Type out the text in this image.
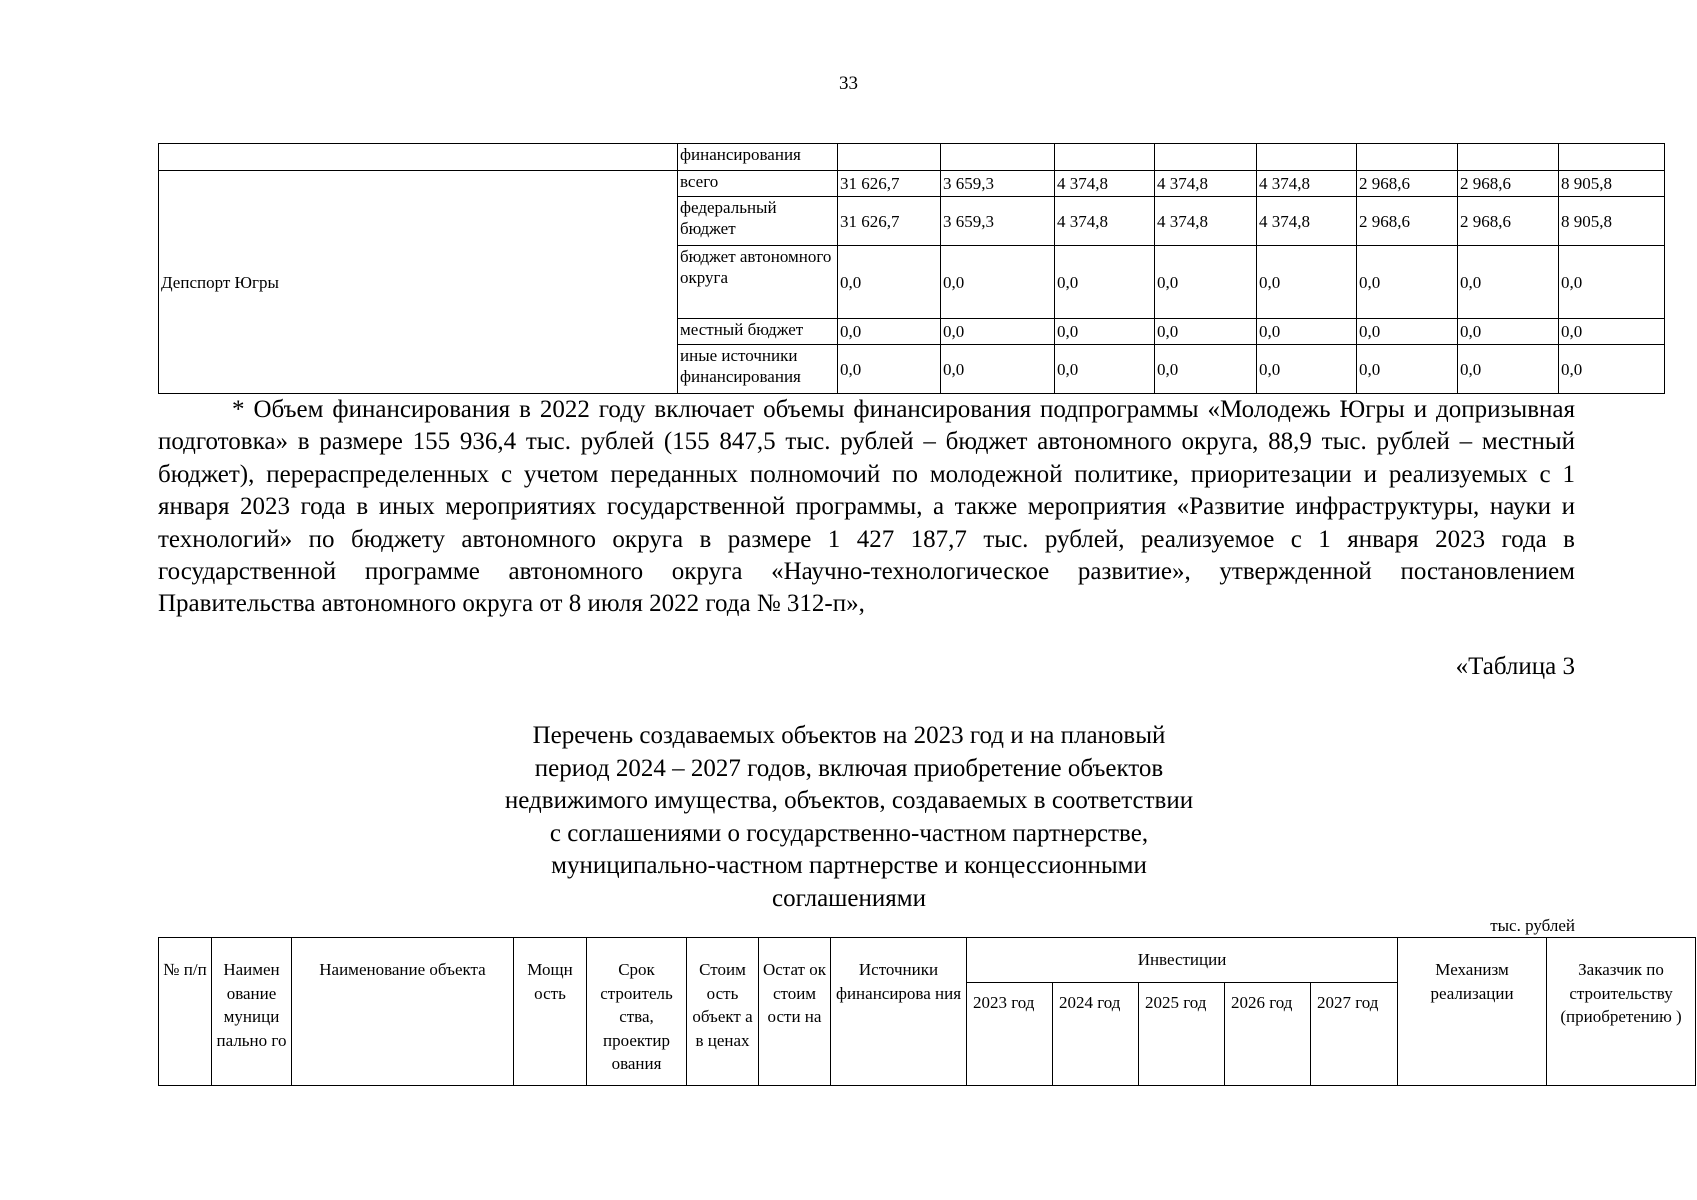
33
	финансирования								
Депспорт Югры	всего	31 626,7	3 659,3	4 374,8	4 374,8	4 374,8	2 968,6	2 968,6	8 905,8
	федеральный бюджет	31 626,7	3 659,3	4 374,8	4 374,8	4 374,8	2 968,6	2 968,6	8 905,8
	бюджет автономного округа	0,0	0,0	0,0	0,0	0,0	0,0	0,0	0,0
	местный бюджет	0,0	0,0	0,0	0,0	0,0	0,0	0,0	0,0
	иные источники финансирования	0,0	0,0	0,0	0,0	0,0	0,0	0,0	0,0

* Объем финансирования в 2022 году включает объемы финансирования подпрограммы «Молодежь Югры и допризывная подготовка» в размере 155 936,4 тыс. рублей (155 847,5 тыс. рублей – бюджет автономного округа, 88,9 тыс. рублей – местный бюджет), перераспределенных с учетом переданных полномочий по молодежной политике, приоритезации и реализуемых с 1 января 2023 года в иных мероприятиях государственной программы, а также мероприятия «Развитие инфраструктуры, науки и технологий» по бюджету автономного округа в размере 1 427 187,7 тыс. рублей, реализуемое с 1 января 2023 года в государственной программе автономного округа «Научно-технологическое развитие», утвержденной постановлением Правительства автономного округа от 8 июля 2022 года № 312-п»,

«Таблица 3
Перечень создаваемых объектов на 2023 год и на плановый
период 2024 – 2027 годов, включая приобретение объектов
недвижимого имущества, объектов, создаваемых в соответствии
с соглашениями о государственно-частном партнерстве,
муниципально-частном партнерстве и концессионными
соглашениями
тыс. рублей
№ п/п	Наимен ование муници пально го	Наименование объекта	Мощн ость	Срок строитель ства, проектир ования	Стоим ость объект а в ценах	Остат ок стоим ости на	Источники финансирова ния	Инвестиции					Механизм реализации	Заказчик по строительству (приобретению )
								2023 год	2024 год	2025 год	2026 год	2027 год		
